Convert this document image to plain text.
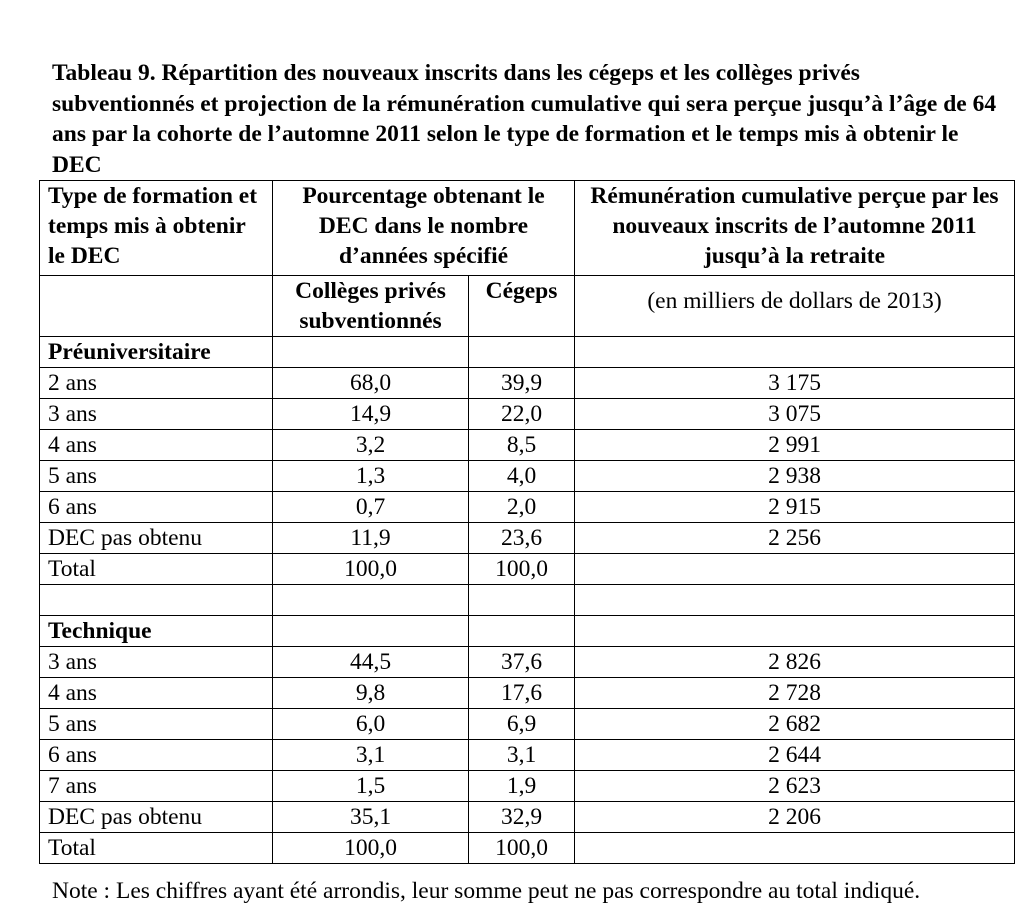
Tableau 9. Répartition des nouveaux inscrits dans les cégeps et les collèges privés subventionnés et projection de la rémunération cumulative qui sera perçue jusqu’à l’âge de 64 ans par la cohorte de l’automne 2011 selon le type de formation et le temps mis à obtenir le DEC
Type de formation et temps mis à obtenir le DEC	Pourcentage obtenant le DEC dans le nombre d’années spécifié		Rémunération cumulative perçue par les nouveaux inscrits de l’automne 2011 jusqu’à la retraite
	Collèges privés subventionnés	Cégeps	(en milliers de dollars de 2013)

Préuniversitaire			
2 ans	68,0	39,9	3 175
3 ans	14,9	22,0	3 075
4 ans	3,2	8,5	2 991
5 ans	1,3	4,0	2 938
6 ans	0,7	2,0	2 915
DEC pas obtenu	11,9	23,6	2 256
Total	100,0	100,0	

Technique			
3 ans	44,5	37,6	2 826
4 ans	9,8	17,6	2 728
5 ans	6,0	6,9	2 682
6 ans	3,1	3,1	2 644
7 ans	1,5	1,9	2 623
DEC pas obtenu	35,1	32,9	2 206
Total	100,0	100,0	
Note : Les chiffres ayant été arrondis, leur somme peut ne pas correspondre au total indiqué.
